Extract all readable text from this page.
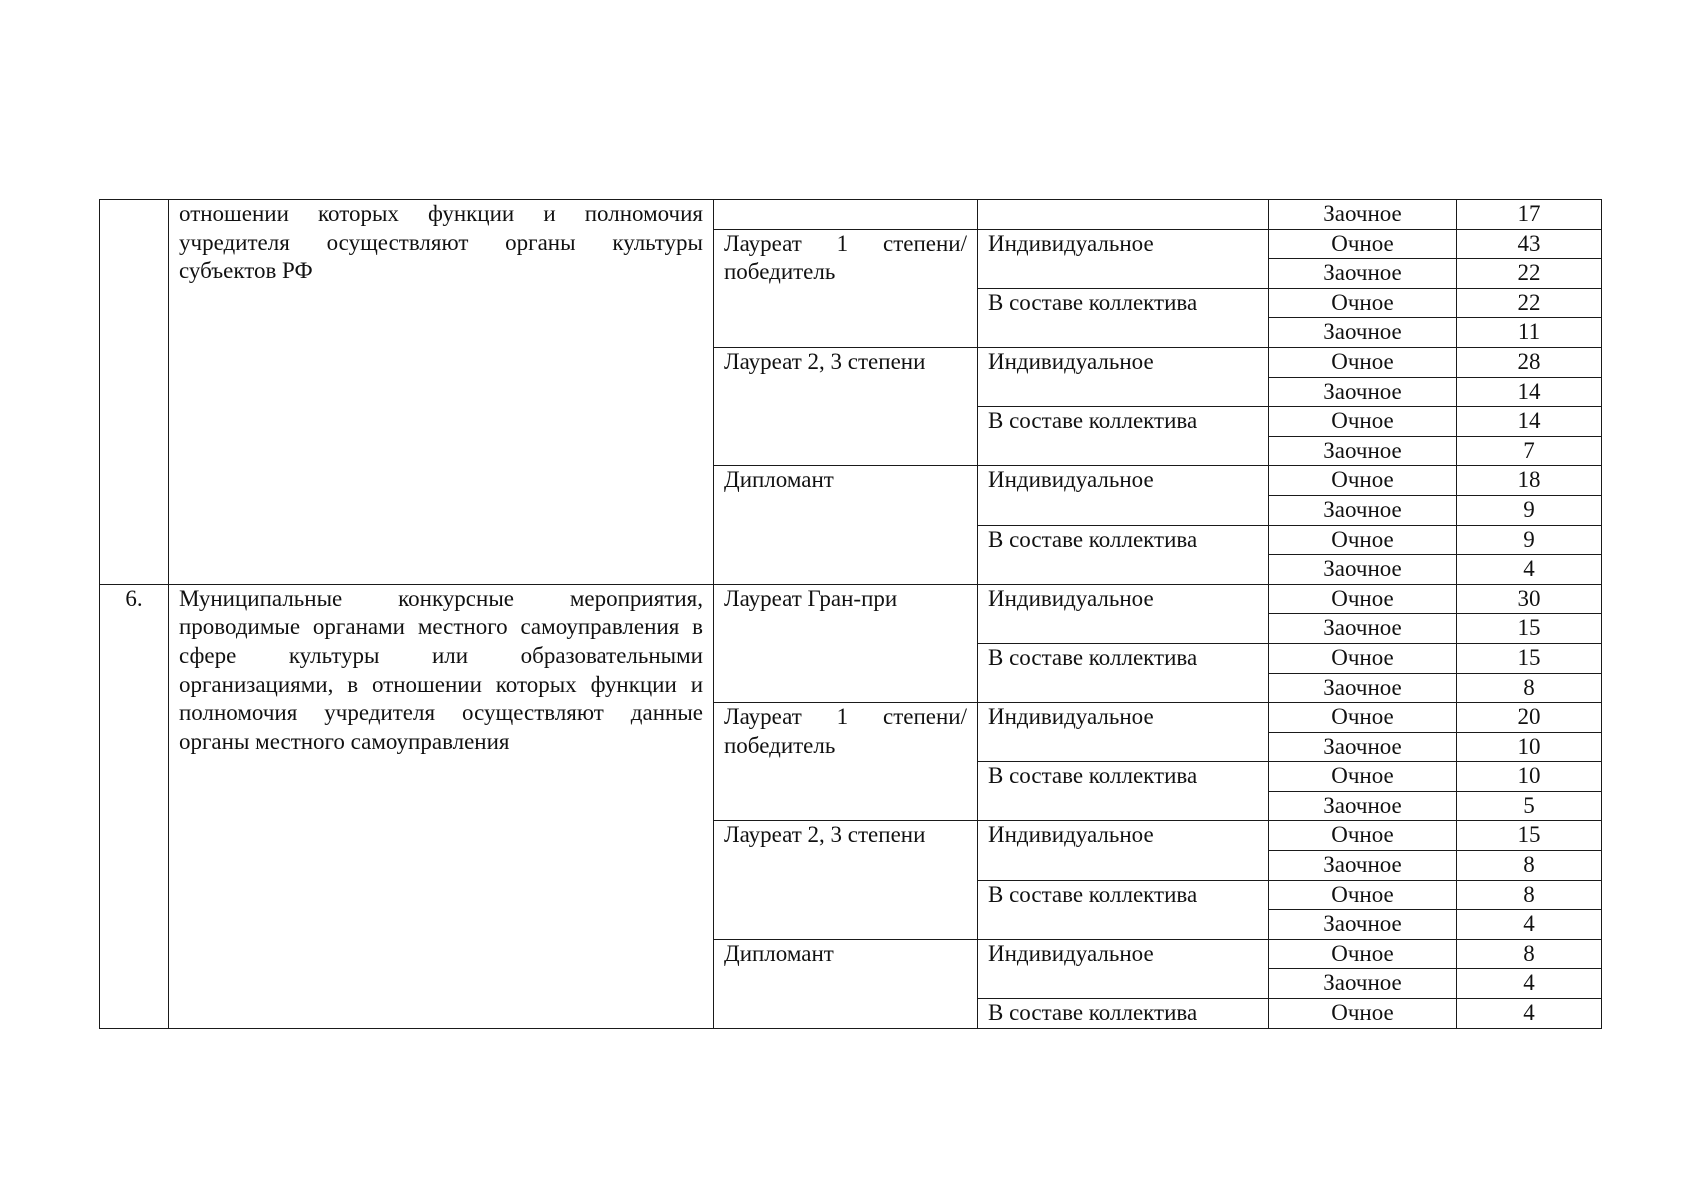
	отношении которых функции и полномочия учредителя осуществляют органы культуры субъектов РФ			Заочное	17
		Лауреат 1 степени/ победитель	Индивидуальное	Очное	43
				Заочное	22
			В составе коллектива	Очное	22
				Заочное	11
		Лауреат 2, 3 степени	Индивидуальное	Очное	28
				Заочное	14
			В составе коллектива	Очное	14
				Заочное	7
		Дипломант	Индивидуальное	Очное	18
				Заочное	9
			В составе коллектива	Очное	9
				Заочное	4
6.	Муниципальные конкурсные мероприятия, проводимые органами местного самоуправления в сфере культуры или образовательными организациями, в отношении которых функции и полномочия учредителя осуществляют данные органы местного самоуправления	Лауреат Гран-при	Индивидуальное	Очное	30
				Заочное	15
			В составе коллектива	Очное	15
				Заочное	8
		Лауреат 1 степени/ победитель	Индивидуальное	Очное	20
				Заочное	10
			В составе коллектива	Очное	10
				Заочное	5
		Лауреат 2, 3 степени	Индивидуальное	Очное	15
				Заочное	8
			В составе коллектива	Очное	8
				Заочное	4
		Дипломант	Индивидуальное	Очное	8
				Заочное	4
			В составе коллектива	Очное	4
